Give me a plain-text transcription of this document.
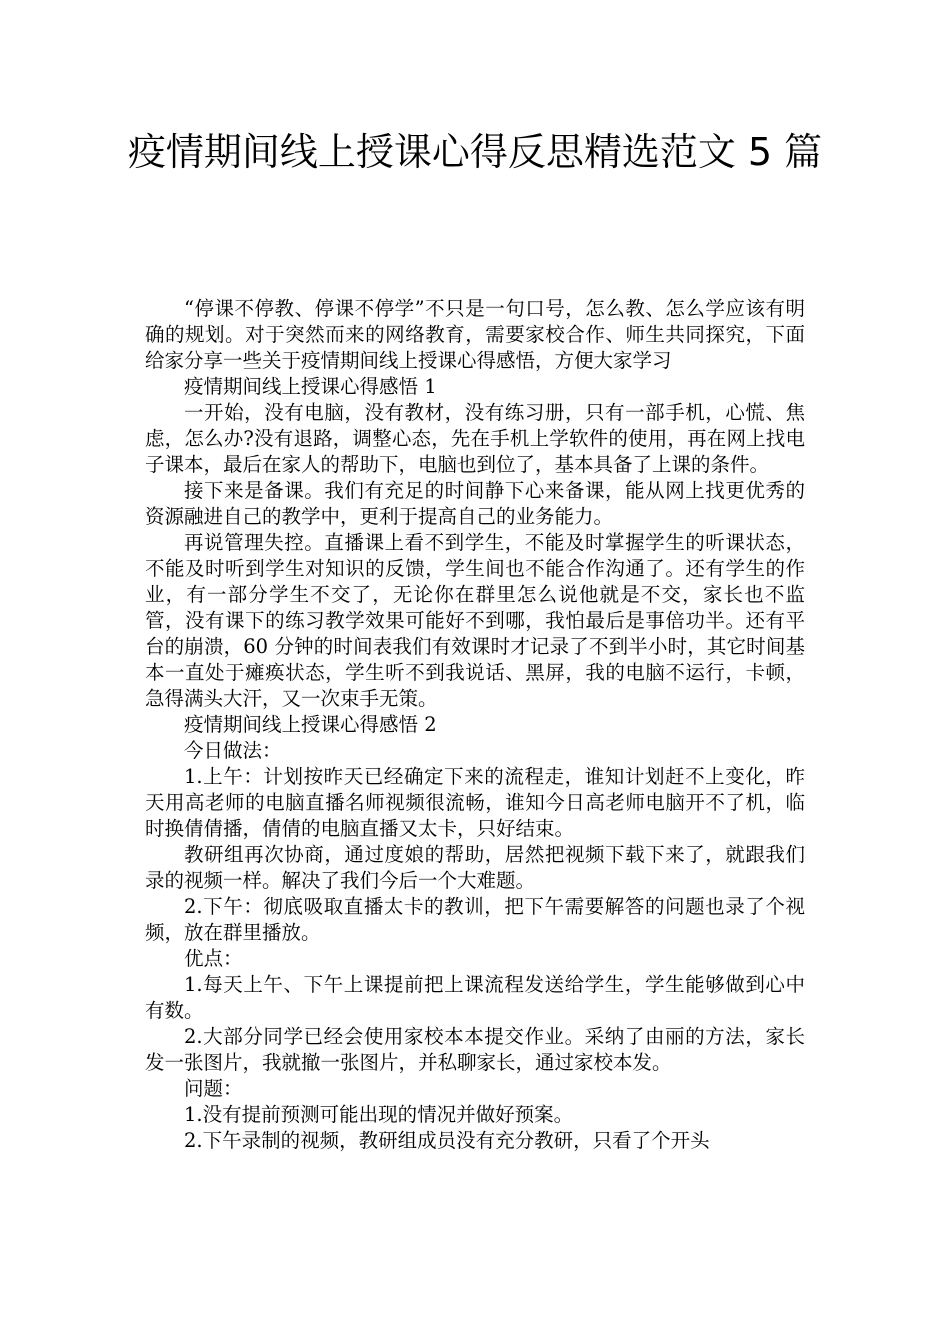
疫情期间线上授课心得反思精选范文 5 篇

“停课不停教、停课不停学”不只是一句口号，怎么教、怎么学应该有明确的规划。对于突然而来的网络教育，需要家校合作、师生共同探究，下面给家分享一些关于疫情期间线上授课心得感悟，方便大家学习

疫情期间线上授课心得感悟 1

一开始，没有电脑，没有教材，没有练习册，只有一部手机，心慌、焦虑，怎么办?没有退路，调整心态，先在手机上学软件的使用，再在网上找电子课本，最后在家人的帮助下，电脑也到位了，基本具备了上课的条件。

接下来是备课。我们有充足的时间静下心来备课，能从网上找更优秀的资源融进自己的教学中，更利于提高自己的业务能力。

再说管理失控。直播课上看不到学生，不能及时掌握学生的听课状态，不能及时听到学生对知识的反馈，学生间也不能合作沟通了。还有学生的作业，有一部分学生不交了，无论你在群里怎么说他就是不交，家长也不监管，没有课下的练习教学效果可能好不到哪，我怕最后是事倍功半。还有平台的崩溃，60 分钟的时间表我们有效课时才记录了不到半小时，其它时间基本一直处于瘫痪状态，学生听不到我说话、黑屏，我的电脑不运行，卡顿，急得满头大汗，又一次束手无策。

疫情期间线上授课心得感悟 2

今日做法：

1.上午：计划按昨天已经确定下来的流程走，谁知计划赶不上变化，昨天用高老师的电脑直播名师视频很流畅，谁知今日高老师电脑开不了机，临时换倩倩播，倩倩的电脑直播又太卡，只好结束。

教研组再次协商，通过度娘的帮助，居然把视频下载下来了，就跟我们录的视频一样。解决了我们今后一个大难题。

2.下午：彻底吸取直播太卡的教训，把下午需要解答的问题也录了个视频，放在群里播放。

优点：

1.每天上午、下午上课提前把上课流程发送给学生，学生能够做到心中有数。

2.大部分同学已经会使用家校本本提交作业。采纳了由丽的方法，家长发一张图片，我就撤一张图片，并私聊家长，通过家校本发。

问题：

1.没有提前预测可能出现的情况并做好预案。

2.下午录制的视频，教研组成员没有充分教研，只看了个开头
